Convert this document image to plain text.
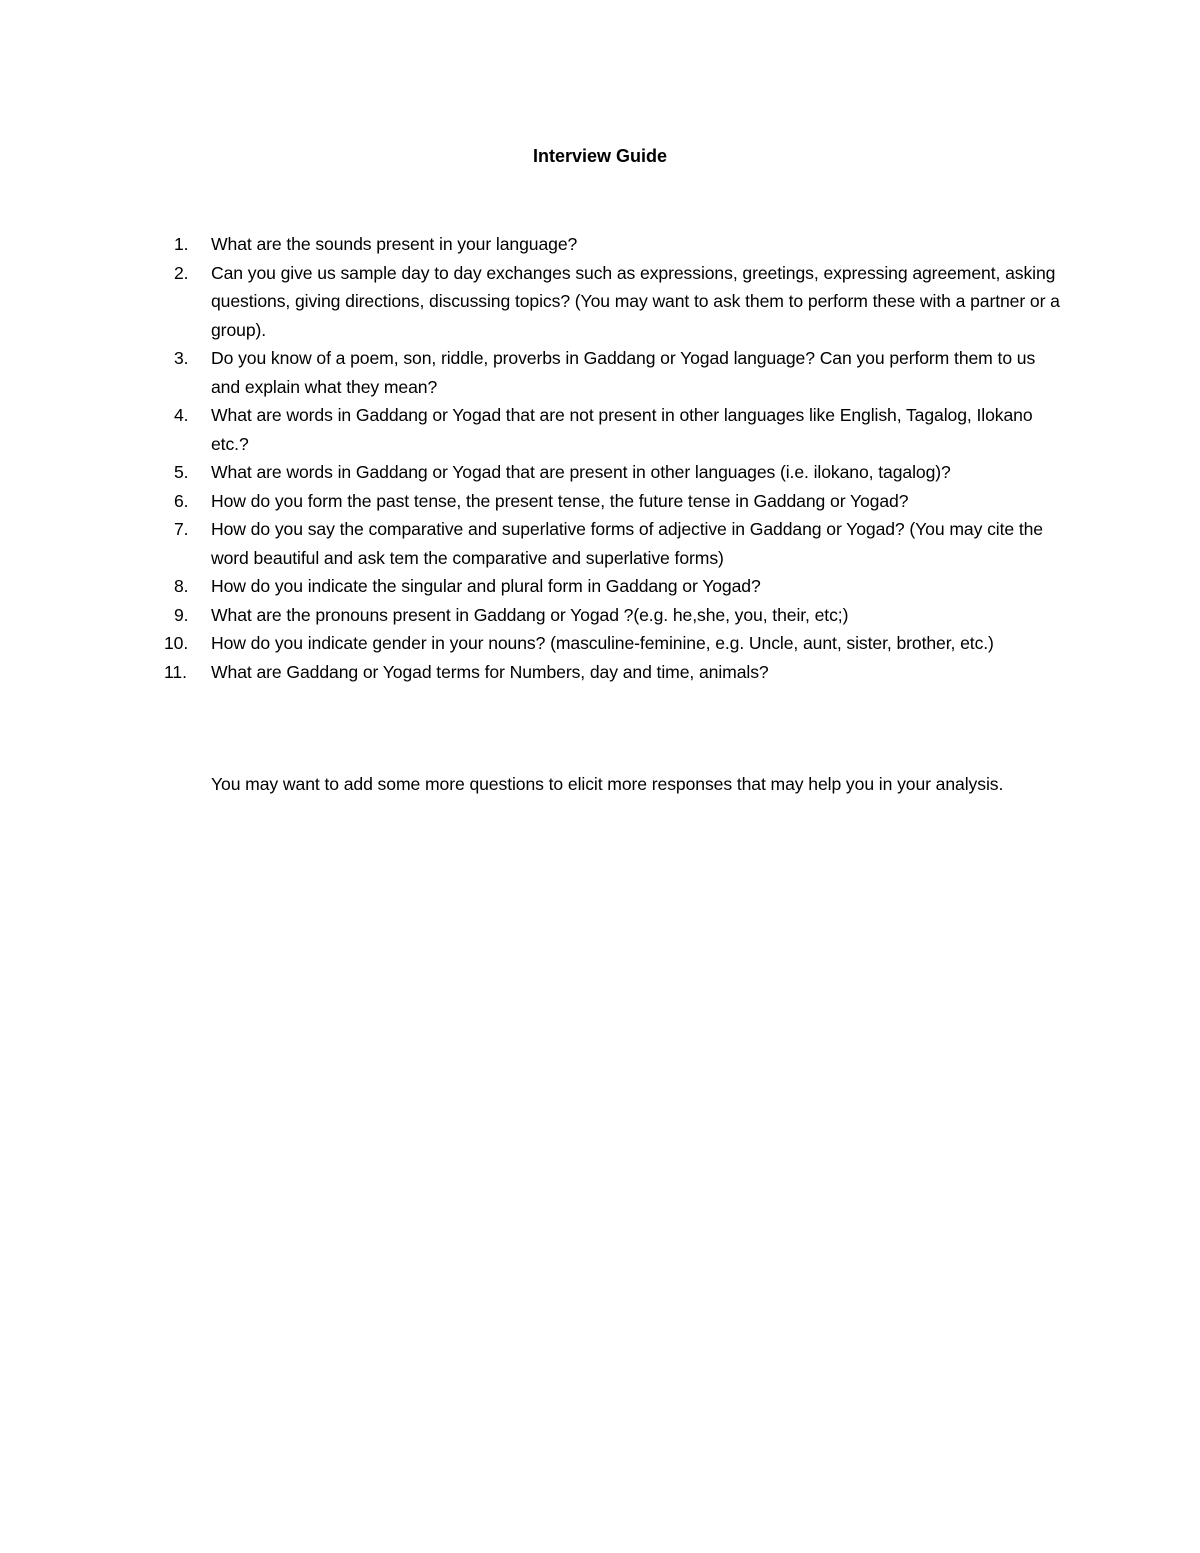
Interview Guide
1. What are the sounds present in your language?
2. Can you give us sample day to day exchanges such as expressions, greetings, expressing agreement, asking questions, giving directions, discussing topics? (You may want to ask them to perform these with a partner or a group).
3. Do you know of a poem, son, riddle, proverbs in Gaddang or Yogad language? Can you perform them to us and explain what they mean?
4. What are words in Gaddang or Yogad that are not present in other languages like English, Tagalog, Ilokano etc.?
5. What are words in Gaddang or Yogad that are present in other languages (i.e. ilokano, tagalog)?
6. How do you form the past tense, the present tense, the future tense in Gaddang or Yogad?
7. How do you say the comparative and superlative forms of adjective in Gaddang or Yogad? (You may cite the word beautiful and ask tem the comparative and superlative forms)
8. How do you indicate the singular and plural form in Gaddang or Yogad?
9. What are the pronouns present in Gaddang or Yogad ?(e.g. he,she, you, their, etc;)
10. How do you indicate gender in your nouns? (masculine-feminine, e.g. Uncle, aunt, sister, brother, etc.)
11. What are Gaddang or Yogad terms for Numbers, day and time, animals?
You may want to add some more questions to elicit more responses that may help you in your analysis.
